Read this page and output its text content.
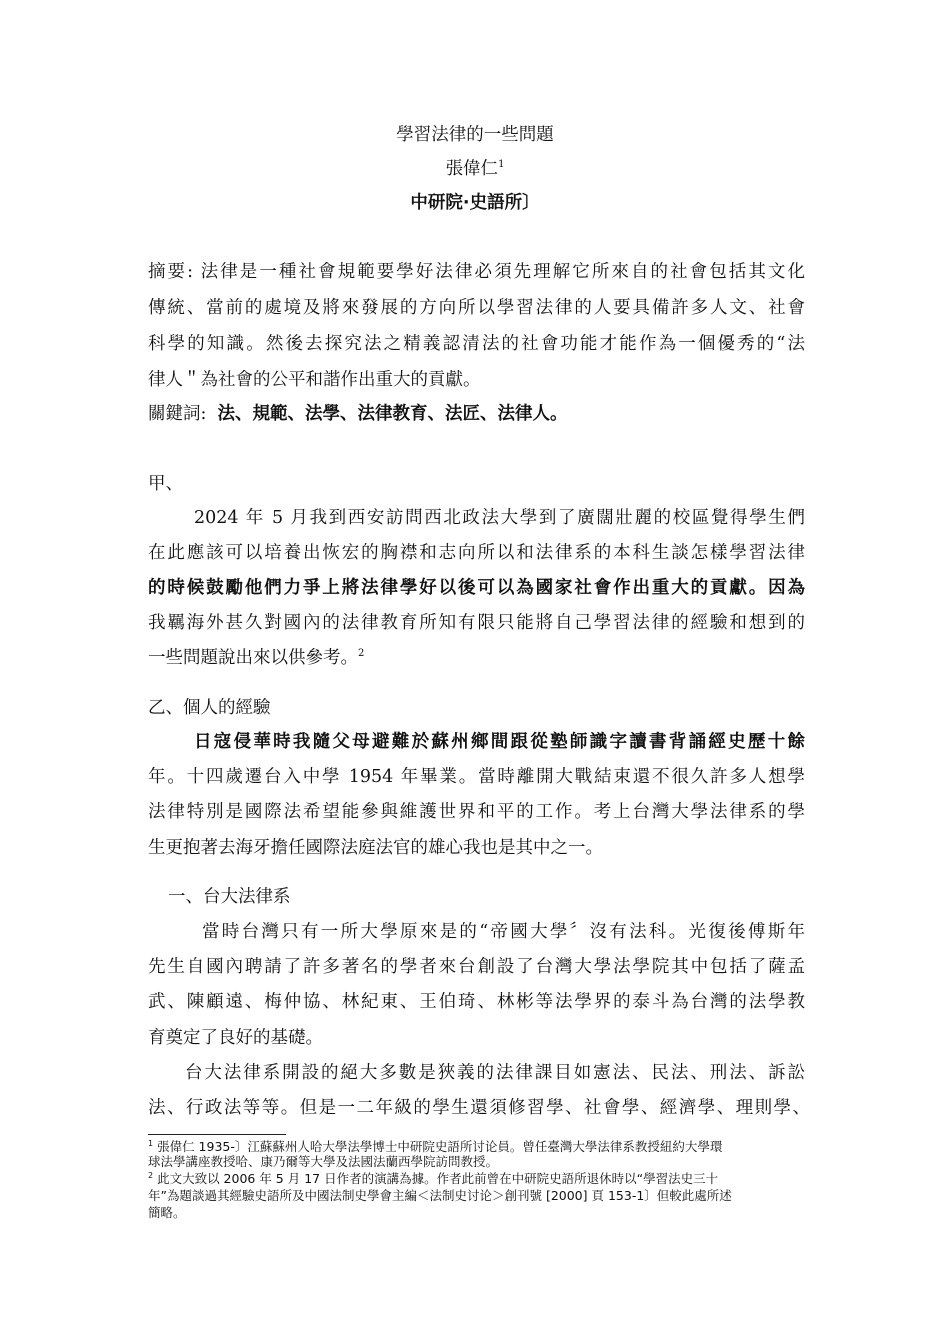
學習法律的一些問題
張偉仁$^1$
中研院·史語所〕
摘要: 法律是一種社會規範要學好法律必須先理解它所來自的社會包括其文化
傳統、當前的處境及將來發展的方向所以學習法律的人要具備許多人文、社會
科學的知識。然後去探究法之精義認清法的社會功能才能作為一個優秀的“法
律人＂為社會的公平和諧作出重大的貢獻。
關鍵詞: 法、規範、法學、法律教育、法匠、法律人。
甲、
2024 年 5 月我到西安訪問西北政法大學到了廣闊壯麗的校區覺得學生們
在此應該可以培養出恢宏的胸襟和志向所以和法律系的本科生談怎樣學習法律
的時候鼓勵他們力爭上將法律學好以後可以為國家社會作出重大的貢獻。因為
我羈海外甚久對國內的法律教育所知有限只能將自己學習法律的經驗和想到的
一些問題說出來以供參考。$^2$
乙、個人的經驗
日寇侵華時我隨父母避難於蘇州鄉間跟從塾師識字讀書背誦經史歷十餘
年。十四歲遷台入中學 1954 年畢業。當時離開大戰結束還不很久許多人想學
法律特別是國際法希望能參與維護世界和平的工作。考上台灣大學法律系的學
生更抱著去海牙擔任國際法庭法官的雄心我也是其中之一。
一、台大法律系
當時台灣只有一所大學原來是的“帝國大學〞沒有法科。光復後傅斯年
先生自國內聘請了許多著名的學者來台創設了台灣大學法學院其中包括了薩孟
武、陳顧遠、梅仲協、林紀東、王伯琦、林彬等法學界的泰斗為台灣的法學教
育奠定了良好的基礎。
台大法律系開設的絕大多數是狹義的法律課目如憲法、民法、刑法、訴訟
法、行政法等等。但是一二年級的學生還須修習學、社會學、經濟學、理則學、
$^1$ 張偉仁 1935-〕江蘇蘇州人哈大學法學博士中研院史語所讨论員。曾任臺灣大學法律系教授紐約大學環
球法學講座教授哈、康乃爾等大學及法國法蘭西學院訪問教授。
$^2$ 此文大致以 2006 年 5 月 17 日作者的演講為據。作者此前曾在中研院史語所退休時以“學習法史三十
年”為題談過其經驗史語所及中國法制史學會主編＜法制史讨论＞創刊號 [2000] 頁 153-1〕但較此處所述
簡略。
